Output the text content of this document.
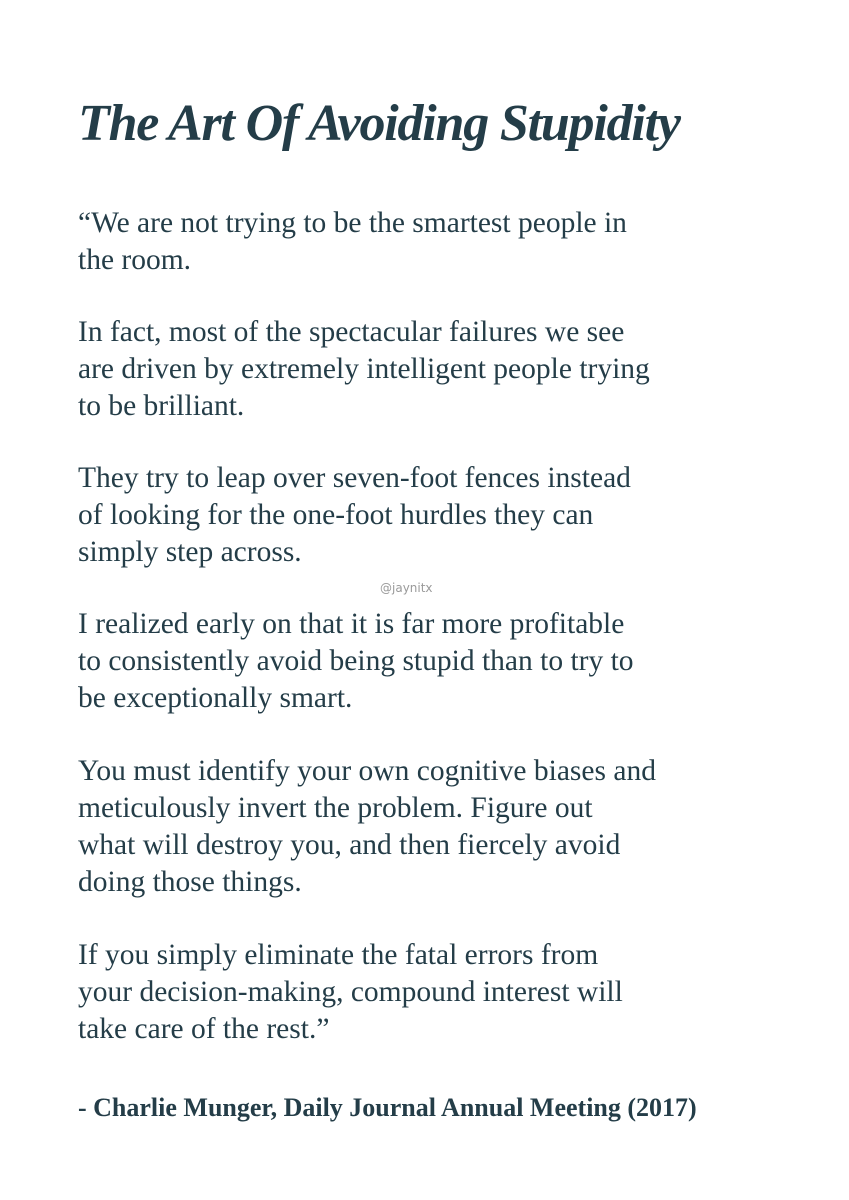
The Art Of Avoiding Stupidity

“We are not trying to be the smartest people in
the room.

In fact, most of the spectacular failures we see
are driven by extremely intelligent people trying
to be brilliant.

They try to leap over seven-foot fences instead
of looking for the one-foot hurdles they can
simply step across.

I realized early on that it is far more profitable
to consistently avoid being stupid than to try to
be exceptionally smart.

You must identify your own cognitive biases and
meticulously invert the problem. Figure out
what will destroy you, and then fiercely avoid
doing those things.

If you simply eliminate the fatal errors from
your decision-making, compound interest will
take care of the rest.”

@jaynitx

- Charlie Munger, Daily Journal Annual Meeting (2017)
